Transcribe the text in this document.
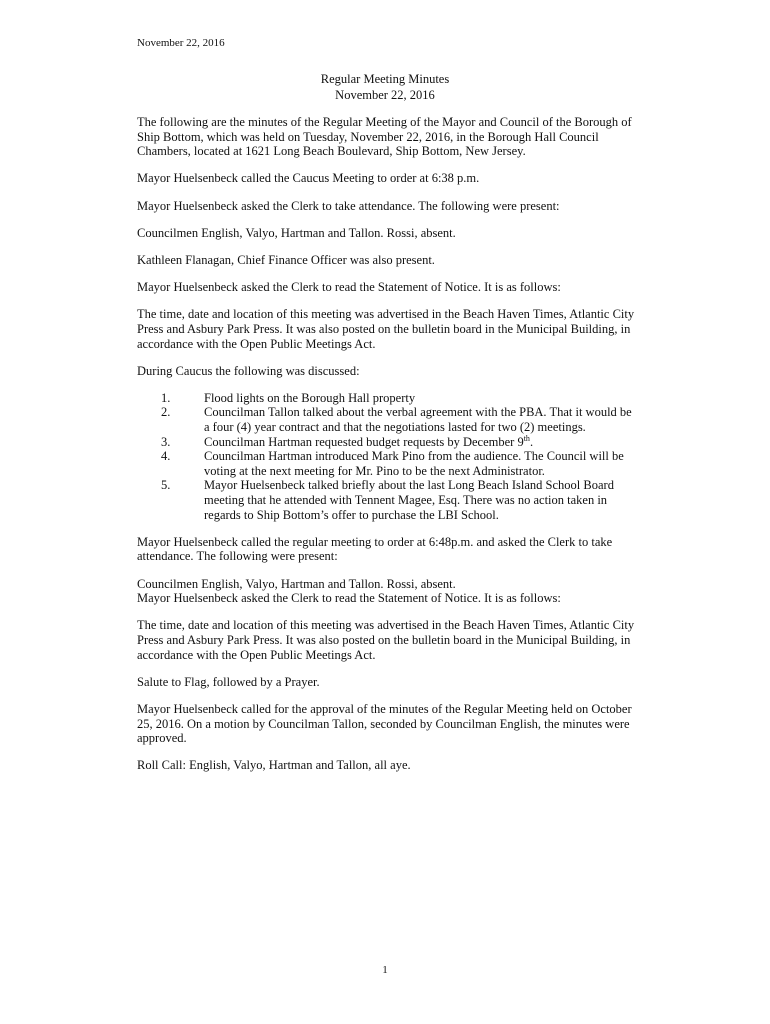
November 22, 2016
Regular Meeting Minutes
November 22, 2016

The following are the minutes of the Regular Meeting of the Mayor and Council of the Borough of Ship Bottom, which was held on Tuesday, November 22, 2016, in the Borough Hall Council Chambers, located at 1621 Long Beach Boulevard, Ship Bottom, New Jersey.

Mayor Huelsenbeck called the Caucus Meeting to order at 6:38 p.m.

Mayor Huelsenbeck asked the Clerk to take attendance. The following were present:

Councilmen English, Valyo, Hartman and Tallon. Rossi, absent.

Kathleen Flanagan, Chief Finance Officer was also present.

Mayor Huelsenbeck asked the Clerk to read the Statement of Notice. It is as follows:

The time, date and location of this meeting was advertised in the Beach Haven Times, Atlantic City Press and Asbury Park Press. It was also posted on the bulletin board in the Municipal Building, in accordance with the Open Public Meetings Act.

During Caucus the following was discussed:

1.	Flood lights on the Borough Hall property
2.	Councilman Tallon talked about the verbal agreement with the PBA. That it would be a four (4) year contract and that the negotiations lasted for two (2) meetings.
3.	Councilman Hartman requested budget requests by December 9th.
4.	Councilman Hartman introduced Mark Pino from the audience. The Council will be voting at the next meeting for Mr. Pino to be the next Administrator.
5.	Mayor Huelsenbeck talked briefly about the last Long Beach Island School Board meeting that he attended with Tennent Magee, Esq. There was no action taken in regards to Ship Bottom’s offer to purchase the LBI School.

Mayor Huelsenbeck called the regular meeting to order at 6:48p.m. and asked the Clerk to take attendance. The following were present:

Councilmen English, Valyo, Hartman and Tallon. Rossi, absent.

Mayor Huelsenbeck asked the Clerk to read the Statement of Notice. It is as follows:

The time, date and location of this meeting was advertised in the Beach Haven Times, Atlantic City Press and Asbury Park Press. It was also posted on the bulletin board in the Municipal Building, in accordance with the Open Public Meetings Act.

Salute to Flag, followed by a Prayer.

Mayor Huelsenbeck called for the approval of the minutes of the Regular Meeting held on October 25, 2016. On a motion by Councilman Tallon, seconded by Councilman English, the minutes were approved.

Roll Call: English, Valyo, Hartman and Tallon, all aye.

1
